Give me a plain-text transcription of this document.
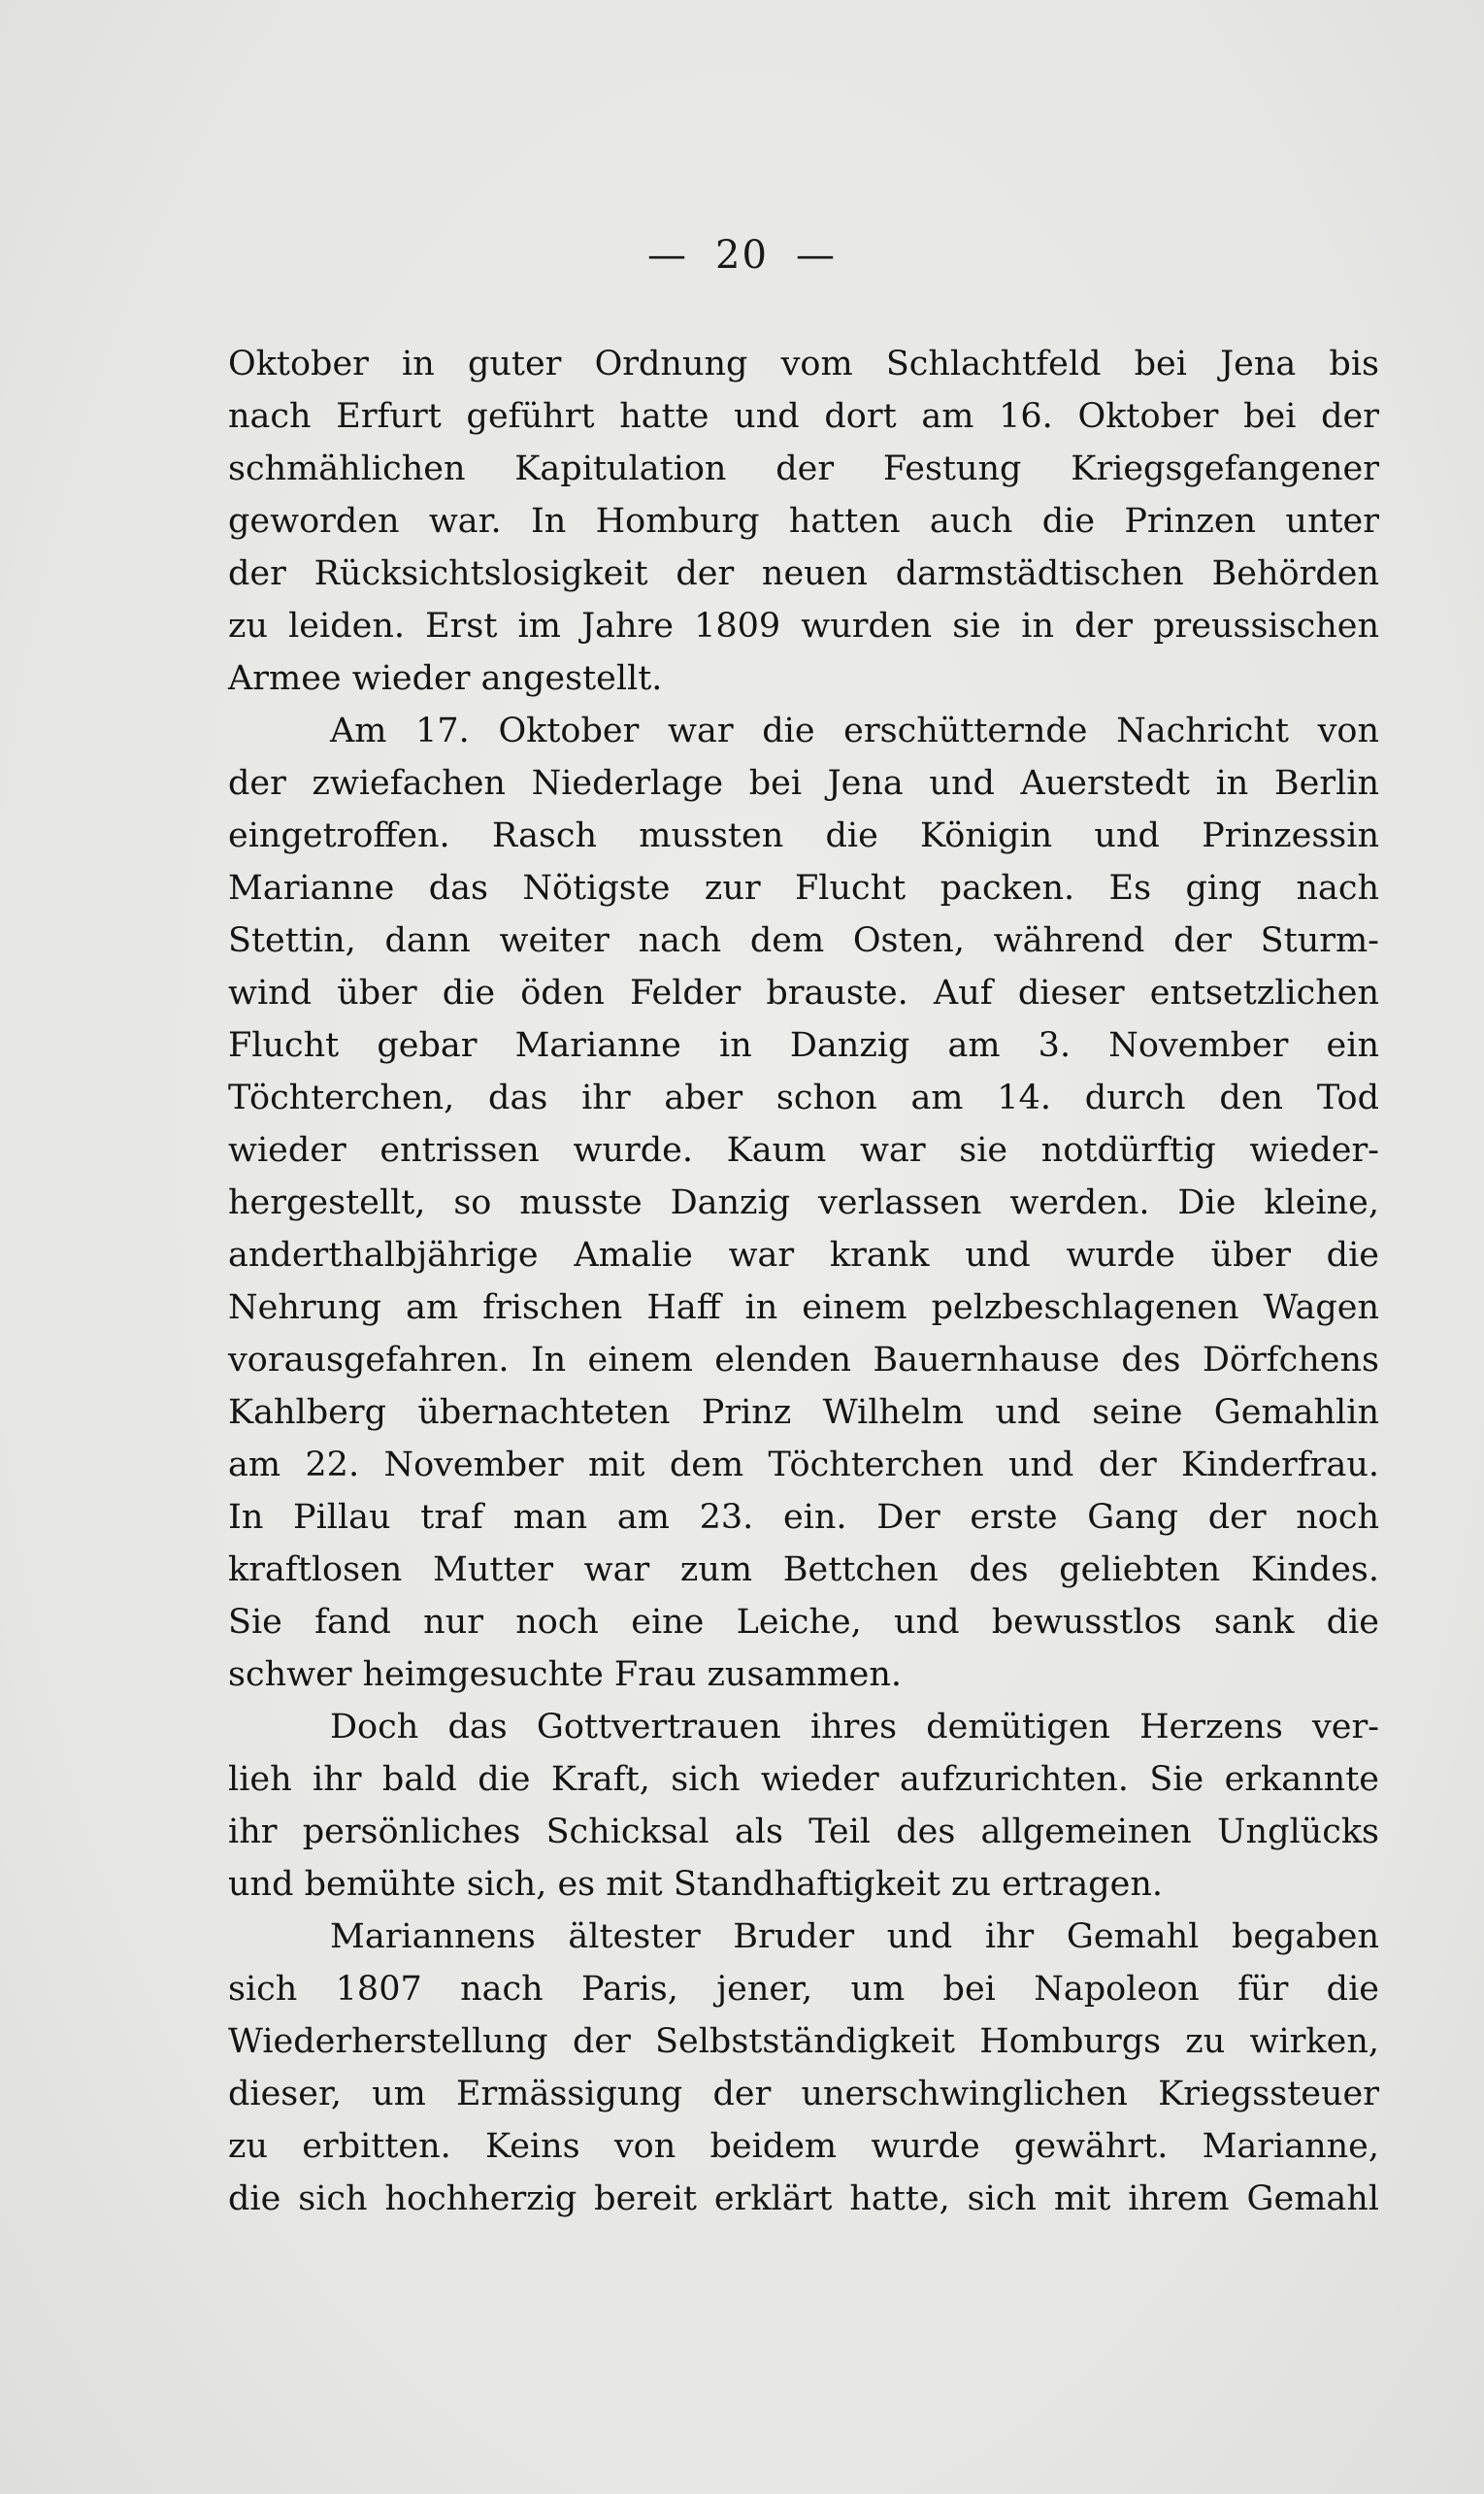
— 20 —

Oktober in guter Ordnung vom Schlachtfeld bei Jena bis
nach Erfurt geführt hatte und dort am 16. Oktober bei der
schmählichen Kapitulation der Festung Kriegsgefangener
geworden war. In Homburg hatten auch die Prinzen unter
der Rücksichtslosigkeit der neuen darmstädtischen Behörden
zu leiden. Erst im Jahre 1809 wurden sie in der preussischen
Armee wieder angestellt.
Am 17. Oktober war die erschütternde Nachricht von
der zwiefachen Niederlage bei Jena und Auerstedt in Berlin
eingetroffen. Rasch mussten die Königin und Prinzessin
Marianne das Nötigste zur Flucht packen. Es ging nach
Stettin, dann weiter nach dem Osten, während der Sturm-
wind über die öden Felder brauste. Auf dieser entsetzlichen
Flucht gebar Marianne in Danzig am 3. November ein
Töchterchen, das ihr aber schon am 14. durch den Tod
wieder entrissen wurde. Kaum war sie notdürftig wieder-
hergestellt, so musste Danzig verlassen werden. Die kleine,
anderthalbjährige Amalie war krank und wurde über die
Nehrung am frischen Haff in einem pelzbeschlagenen Wagen
vorausgefahren. In einem elenden Bauernhause des Dörfchens
Kahlberg übernachteten Prinz Wilhelm und seine Gemahlin
am 22. November mit dem Töchterchen und der Kinderfrau.
In Pillau traf man am 23. ein. Der erste Gang der noch
kraftlosen Mutter war zum Bettchen des geliebten Kindes.
Sie fand nur noch eine Leiche, und bewusstlos sank die
schwer heimgesuchte Frau zusammen.
Doch das Gottvertrauen ihres demütigen Herzens ver-
lieh ihr bald die Kraft, sich wieder aufzurichten. Sie erkannte
ihr persönliches Schicksal als Teil des allgemeinen Unglücks
und bemühte sich, es mit Standhaftigkeit zu ertragen.
Mariannens ältester Bruder und ihr Gemahl begaben
sich 1807 nach Paris, jener, um bei Napoleon für die
Wiederherstellung der Selbstständigkeit Homburgs zu wirken,
dieser, um Ermässigung der unerschwinglichen Kriegssteuer
zu erbitten. Keins von beidem wurde gewährt. Marianne,
die sich hochherzig bereit erklärt hatte, sich mit ihrem Gemahl
